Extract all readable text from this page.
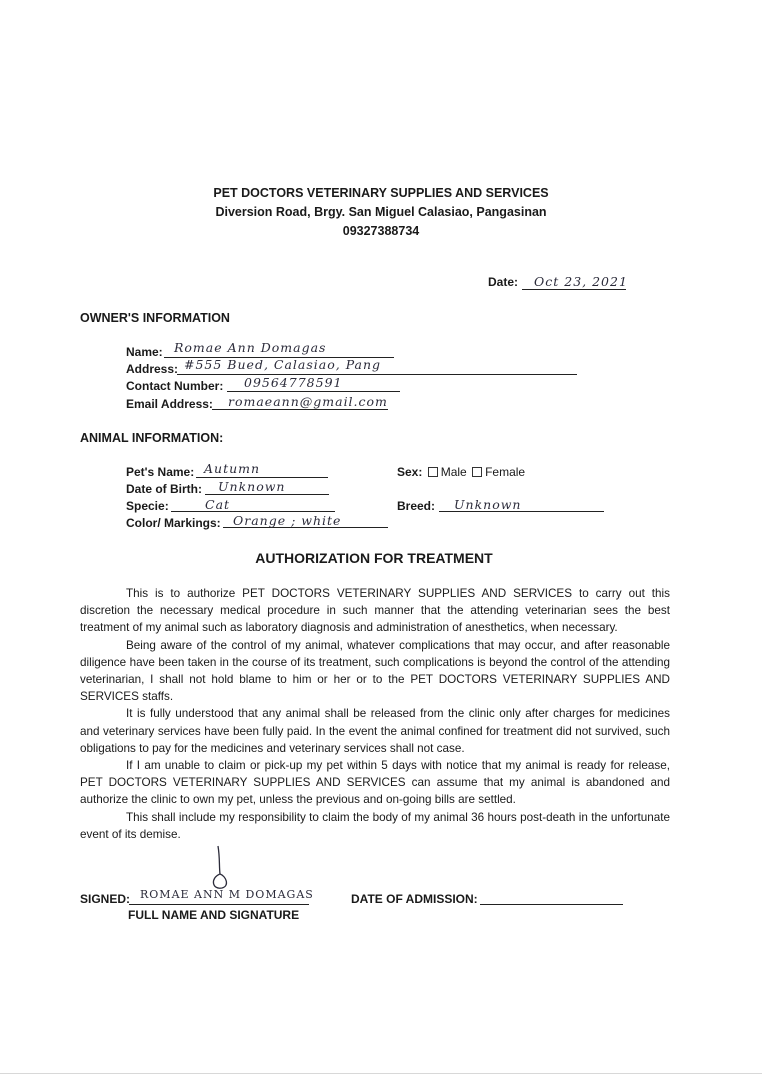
PET DOCTORS VETERINARY SUPPLIES AND SERVICES
Diversion Road, Brgy. San Miguel Calasiao, Pangasinan
09327388734
Date: Oct 23, 2021
OWNER'S INFORMATION
Name: Romae Ann Domagas
Address: #555 Bued, Calasiao, Pang
Contact Number: 09564778591
Email Address: romaeann@gmail.com
ANIMAL INFORMATION:
Pet's Name: Autumn
Date of Birth: Unknown
Specie:	Cat
Color/ Markings: Orange ; white
Sex: Male Female
Breed: Unknown
AUTHORIZATION FOR TREATMENT

This is to authorize PET DOCTORS VETERINARY SUPPLIES AND SERVICES to carry out this discretion the necessary medical procedure in such manner that the attending veterinarian sees the best treatment of my animal such as laboratory diagnosis and administration of anesthetics, when necessary.

Being aware of the control of my animal, whatever complications that may occur, and after reasonable diligence have been taken in the course of its treatment, such complications is beyond the control of the attending veterinarian, I shall not hold blame to him or her or to the PET DOCTORS VETERINARY SUPPLIES AND SERVICES staffs.

It is fully understood that any animal shall be released from the clinic only after charges for medicines and veterinary services have been fully paid. In the event the animal confined for treatment did not survived, such obligations to pay for the medicines and veterinary services shall not case.

If I am unable to claim or pick-up my pet within 5 days with notice that my animal is ready for release, PET DOCTORS VETERINARY SUPPLIES AND SERVICES can assume that my animal is abandoned and authorize the clinic to own my pet, unless the previous and on-going bills are settled.

This shall include my responsibility to claim the body of my animal 36 hours post-death in the unfortunate event of its demise.

SIGNED: ROMAE ANN M DOMAGAS
FULL NAME AND SIGNATURE
DATE OF ADMISSION:
